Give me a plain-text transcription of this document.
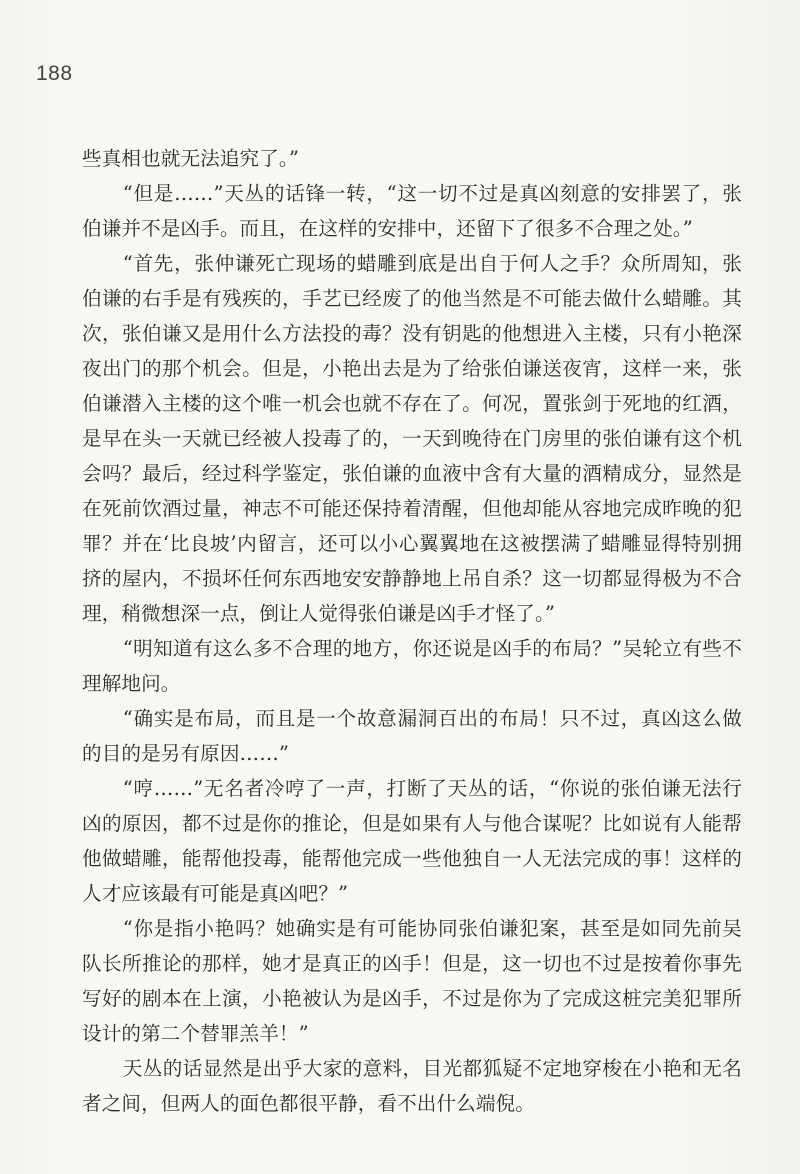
188

些真相也就无法追究了。”

“但是……”天丛的话锋一转，“这一切不过是真凶刻意的安排罢了，张伯谦并不是凶手。而且，在这样的安排中，还留下了很多不合理之处。”

“首先，张仲谦死亡现场的蜡雕到底是出自于何人之手？众所周知，张伯谦的右手是有残疾的，手艺已经废了的他当然是不可能去做什么蜡雕。其次，张伯谦又是用什么方法投的毒？没有钥匙的他想进入主楼，只有小艳深夜出门的那个机会。但是，小艳出去是为了给张伯谦送夜宵，这样一来，张伯谦潜入主楼的这个唯一机会也就不存在了。何况，置张剑于死地的红酒，是早在头一天就已经被人投毒了的，一天到晚待在门房里的张伯谦有这个机会吗？最后，经过科学鉴定，张伯谦的血液中含有大量的酒精成分，显然是在死前饮酒过量，神志不可能还保持着清醒，但他却能从容地完成昨晚的犯罪？并在‘比良坡’内留言，还可以小心翼翼地在这被摆满了蜡雕显得特别拥挤的屋内，不损坏任何东西地安安静静地上吊自杀？这一切都显得极为不合理，稍微想深一点，倒让人觉得张伯谦是凶手才怪了。”

“明知道有这么多不合理的地方，你还说是凶手的布局？”吴轮立有些不理解地问。

“确实是布局，而且是一个故意漏洞百出的布局！只不过，真凶这么做的目的是另有原因……”

“哼……”无名者冷哼了一声，打断了天丛的话，“你说的张伯谦无法行凶的原因，都不过是你的推论，但是如果有人与他合谋呢？比如说有人能帮他做蜡雕，能帮他投毒，能帮他完成一些他独自一人无法完成的事！这样的人才应该最有可能是真凶吧？”

“你是指小艳吗？她确实是有可能协同张伯谦犯案，甚至是如同先前吴队长所推论的那样，她才是真正的凶手！但是，这一切也不过是按着你事先写好的剧本在上演，小艳被认为是凶手，不过是你为了完成这桩完美犯罪所设计的第二个替罪羔羊！”

天丛的话显然是出乎大家的意料，目光都狐疑不定地穿梭在小艳和无名者之间，但两人的面色都很平静，看不出什么端倪。
